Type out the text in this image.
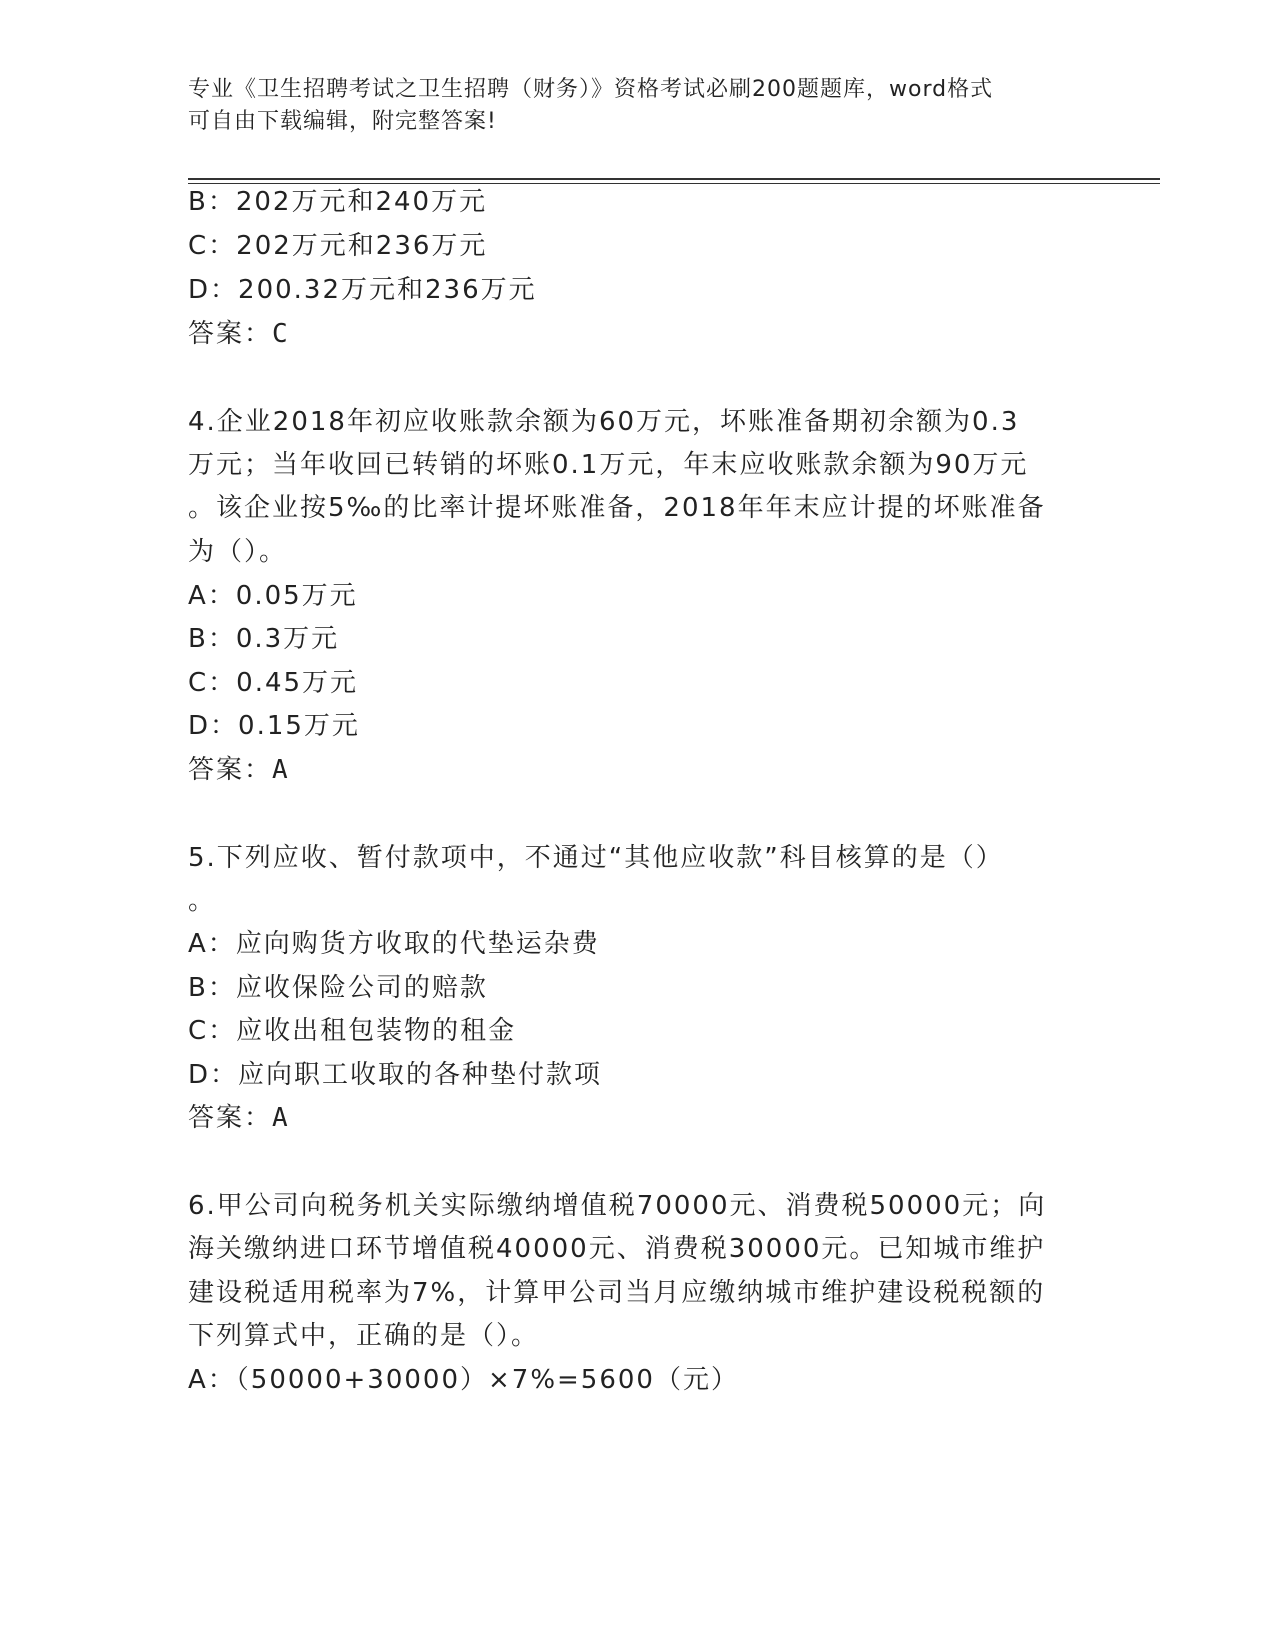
专业《卫生招聘考试之卫生招聘（财务）》资格考试必刷200题题库，word格式
可自由下载编辑，附完整答案!
B：202万元和240万元
C：202万元和236万元
D：200.32万元和236万元
答案：C
4.企业2018年初应收账款余额为60万元，坏账准备期初余额为0.3
万元；当年收回已转销的坏账0.1万元，年末应收账款余额为90万元
。该企业按5‰的比率计提坏账准备，2018年年末应计提的坏账准备
为（）。
A：0.05万元
B：0.3万元
C：0.45万元
D：0.15万元
答案：A
5.下列应收、暂付款项中，不通过“其他应收款”科目核算的是（）
。
A：应向购货方收取的代垫运杂费
B：应收保险公司的赔款
C：应收出租包装物的租金
D：应向职工收取的各种垫付款项
答案：A
6.甲公司向税务机关实际缴纳增值税70000元、消费税50000元；向
海关缴纳进口环节增值税40000元、消费税30000元。已知城市维护
建设税适用税率为7%，计算甲公司当月应缴纳城市维护建设税税额的
下列算式中，正确的是（）。
A：（50000+30000）×7%=5600（元）
